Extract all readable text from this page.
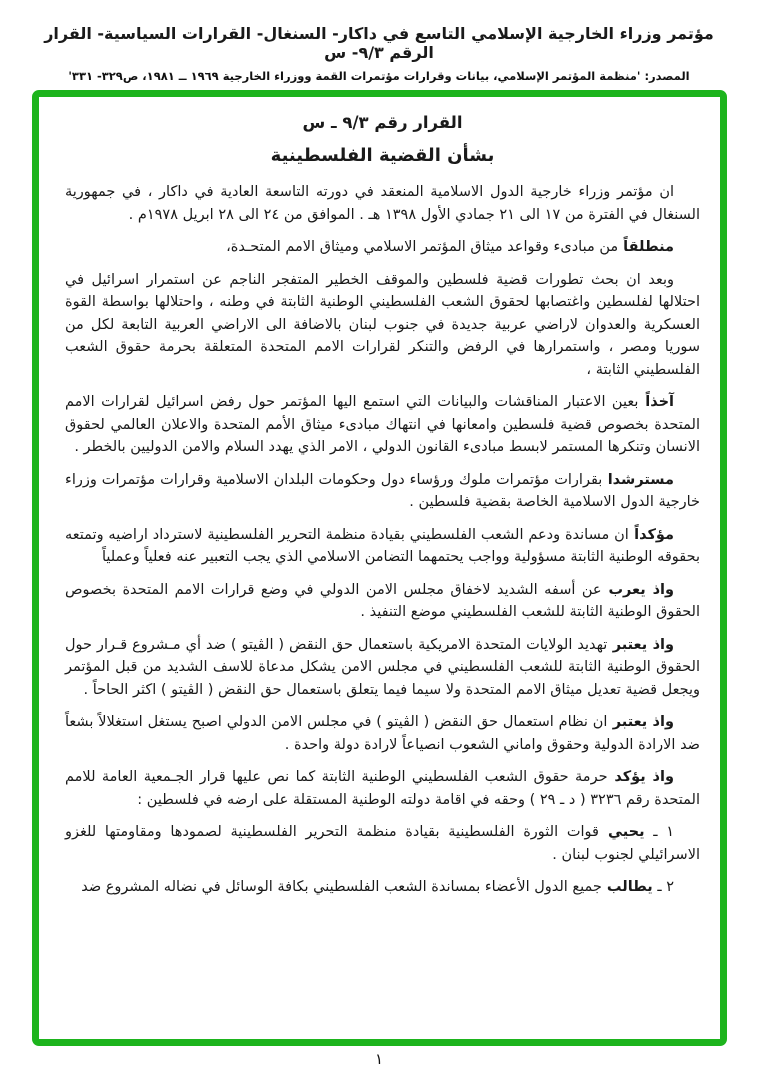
مؤتمر وزراء الخارجية الإسلامي التاسع في داكار- السنغال- القرارات السياسية- القرار الرقم ٩/٣- س
المصدر: 'منظمة المؤتمر الإسلامي، بيانات وقرارات مؤتمرات القمة ووزراء الخارجية ١٩٦٩ ــ ١٩٨١، ص٣٢٩- ٣٣١'
القرار رقم ٩/٣ ـ س
بشأن القضية الفلسطينية
ان مؤتمر وزراء خارجية الدول الاسلامية المنعقد في دورته التاسعة العادية في داكار ، في جمهورية السنغال في الفترة من ١٧ الى ٢١ جمادي الأول ١٣٩٨ هـ . الموافق من ٢٤ الى ٢٨ ابريل ١٩٧٨م .
منطلقاً من مبادىء وقواعد ميثاق المؤتمر الاسلامي وميثاق الامم المتحـدة،
وبعد ان بحث تطورات قضية فلسطين والموقف الخطير المتفجر الناجم عن استمرار اسرائيل في احتلالها لفلسطين واغتصابها لحقوق الشعب الفلسطيني الوطنية الثابتة في وطنه ، واحتلالها بواسطة القوة العسكرية والعدوان لاراضي عربية جديدة في جنوب لبنان بالاضافة الى الاراضي العربية التابعة لكل من سوريا ومصر ، واستمرارها في الرفض والتنكر لقرارات الامم المتحدة المتعلقة بحرمة حقوق الشعب الفلسطيني الثابتة ،
آخذاً بعين الاعتبار المناقشات والبيانات التي استمع اليها المؤتمر حول رفض اسرائيل لقرارات الامم المتحدة بخصوص قضية فلسطين وامعانها في انتهاك مبادىء ميثاق الأمم المتحدة والاعلان العالمي لحقوق الانسان وتنكرها المستمر لابسط مبادىء القانون الدولي ، الامر الذي يهدد السلام والامن الدوليين بالخطر .
مسترشدا بقرارات مؤتمرات ملوك ورؤساء دول وحكومات البلدان الاسلامية وقرارات مؤتمرات وزراء خارجية الدول الاسلامية الخاصة بقضية فلسطين .
مؤكداً ان مساندة ودعم الشعب الفلسطيني بقيادة منظمة التحرير الفلسطينية لاسترداد اراضيه وتمتعه بحقوقه الوطنية الثابتة مسؤولية وواجب يحتمهما التضامن الاسلامي الذي يجب التعبير عنه فعلياً وعملياً
واذ يعرب عن أسفه الشديد لاخفاق مجلس الامن الدولي في وضع قرارات الامم المتحدة بخصوص الحقوق الوطنية الثابتة للشعب الفلسطيني موضع التنفيذ .
واذ يعتبر تهديد الولايات المتحدة الامريكية باستعمال حق النقض ( الڤيتو ) ضد أي مـشروع قـرار حول الحقوق الوطنية الثابتة للشعب الفلسطيني في مجلس الامن يشكل مدعاة للاسف الشديد من قبل المؤتمر ويجعل قضية تعديل ميثاق الامم المتحدة ولا سيما فيما يتعلق باستعمال حق النقض ( الڤيتو ) اكثر الحاحاً .
واذ يعتبر ان نظام استعمال حق النقض ( الڤيتو ) في مجلس الامن الدولي اصبح يستغل استغلالاً بشعاً ضد الارادة الدولية وحقوق واماني الشعوب انصياعاً لارادة دولة واحدة .
واذ يؤكد حرمة حقوق الشعب الفلسطيني الوطنية الثابتة كما نص عليها قرار الجـمعية العامة للامم المتحدة رقم ٣٢٣٦ ( د ـ ٢٩ ) وحقه في اقامة دولته الوطنية المستقلة على ارضه في فلسطين :
١ ـ يحيي قوات الثورة الفلسطينية بقيادة منظمة التحرير الفلسطينية لصمودها ومقاومتها للغزو الاسرائيلي لجنوب لبنان .
٢ ـ يطالب جميع الدول الأعضاء بمساندة الشعب الفلسطيني بكافة الوسائل في نضاله المشروع ضد
١
